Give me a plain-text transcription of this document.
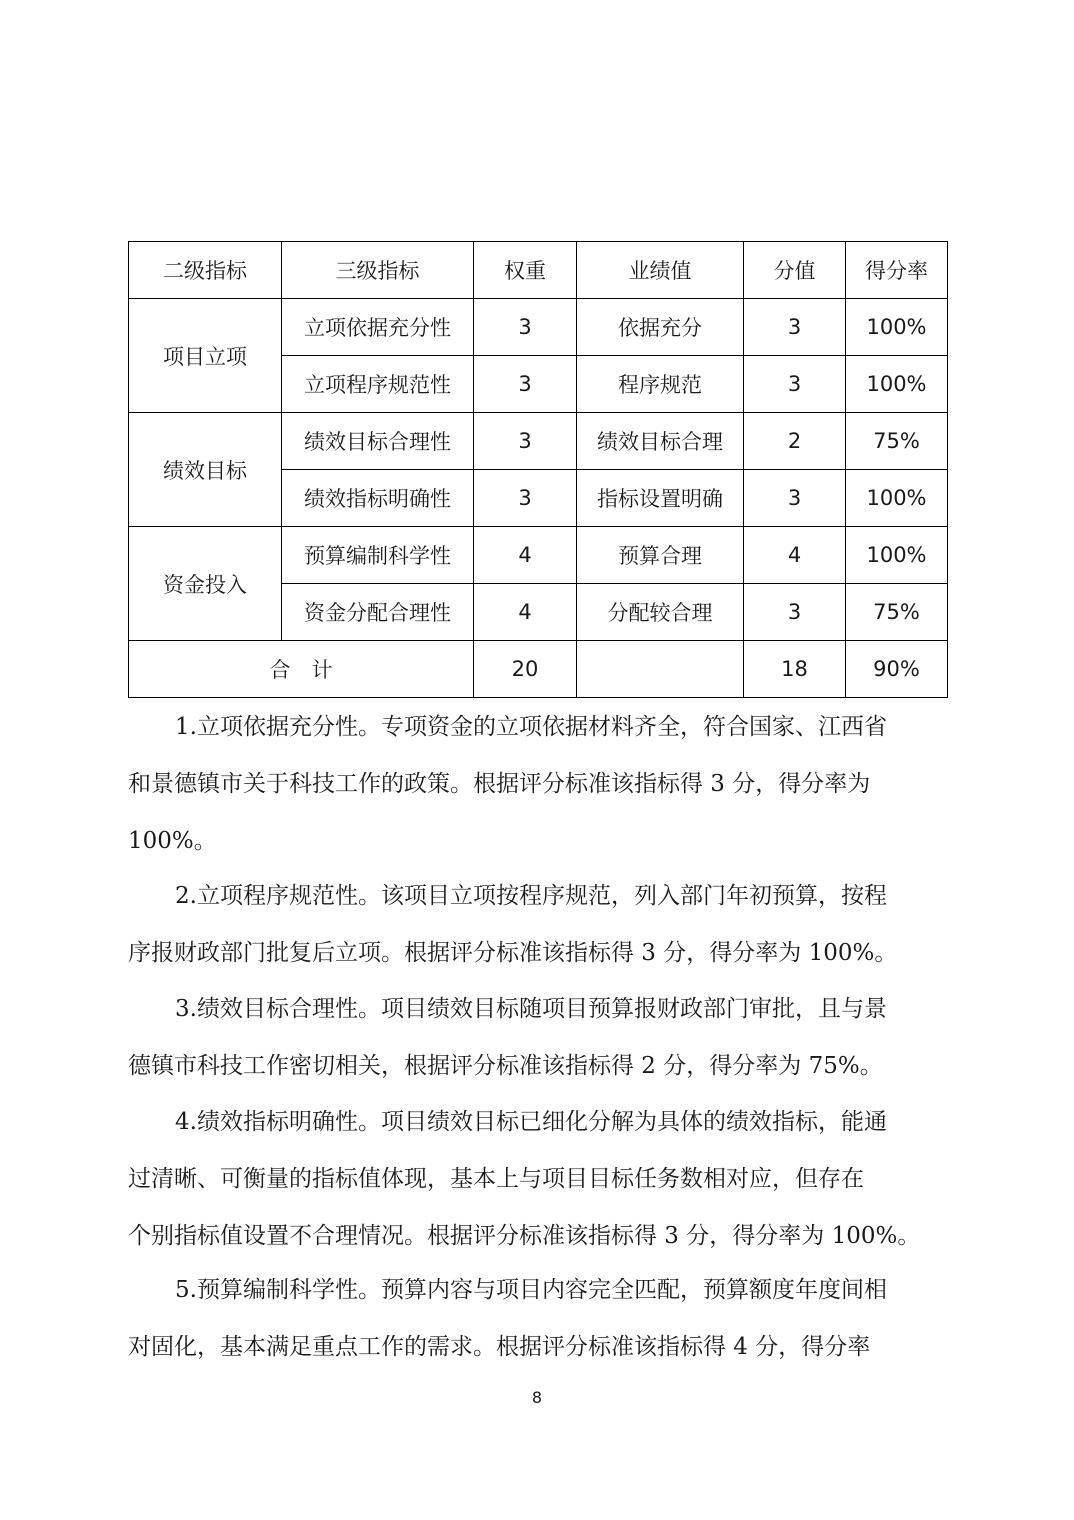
二级指标	三级指标	权重	业绩值	分值	得分率
项目立项	立项依据充分性	3	依据充分	3	100%
	立项程序规范性	3	程序规范	3	100%
绩效目标	绩效目标合理性	3	绩效目标合理	2	75%
	绩效指标明确性	3	指标设置明确	3	100%
资金投入	预算编制科学性	4	预算合理	4	100%
	资金分配合理性	4	分配较合理	3	75%
合　计		20		18	90%
1.立项依据充分性。专项资金的立项依据材料齐全，符合国家、江西省
和景德镇市关于科技工作的政策。根据评分标准该指标得 3 分，得分率为
100%。
2.立项程序规范性。该项目立项按程序规范，列入部门年初预算，按程
序报财政部门批复后立项。根据评分标准该指标得 3 分，得分率为 100%。
3.绩效目标合理性。项目绩效目标随项目预算报财政部门审批，且与景
德镇市科技工作密切相关，根据评分标准该指标得 2 分，得分率为 75%。
4.绩效指标明确性。项目绩效目标已细化分解为具体的绩效指标，能通
过清晰、可衡量的指标值体现，基本上与项目目标任务数相对应，但存在
个别指标值设置不合理情况。根据评分标准该指标得 3 分，得分率为 100%。
5.预算编制科学性。预算内容与项目内容完全匹配，预算额度年度间相
对固化，基本满足重点工作的需求。根据评分标准该指标得 4 分，得分率
8
